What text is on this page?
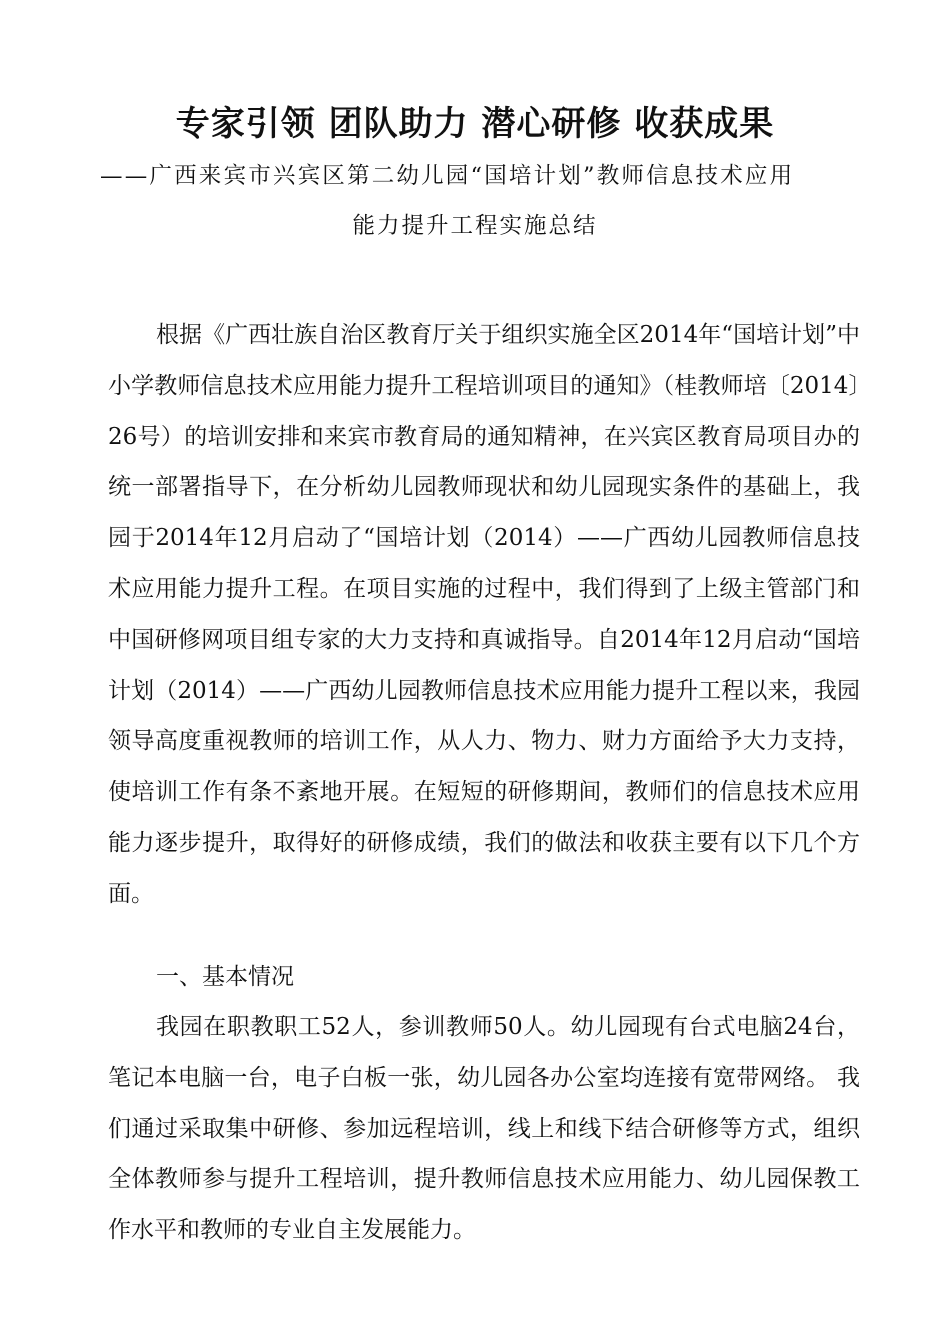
专家引领 团队助力 潜心研修 收获成果
——广西来宾市兴宾区第二幼儿园“国培计划”教师信息技术应用
能力提升工程实施总结

根据《广西壮族自治区教育厅关于组织实施全区2014年“国培计划”中小学教师信息技术应用能力提升工程培训项目的通知》（桂教师培〔2014〕26号）的培训安排和来宾市教育局的通知精神，在兴宾区教育局项目办的统一部署指导下，在分析幼儿园教师现状和幼儿园现实条件的基础上，我园于2014年12月启动了“国培计划（2014）——广西幼儿园教师信息技术应用能力提升工程。在项目实施的过程中，我们得到了上级主管部门和中国研修网项目组专家的大力支持和真诚指导。自2014年12月启动“国培计划（2014）——广西幼儿园教师信息技术应用能力提升工程以来，我园领导高度重视教师的培训工作，从人力、物力、财力方面给予大力支持，使培训工作有条不紊地开展。在短短的研修期间，教师们的信息技术应用能力逐步提升，取得好的研修成绩，我们的做法和收获主要有以下几个方面。

一、基本情况

我园在职教职工52人，参训教师50人。幼儿园现有台式电脑24台，笔记本电脑一台，电子白板一张，幼儿园各办公室均连接有宽带网络。 我们通过采取集中研修、参加远程培训，线上和线下结合研修等方式，组织全体教师参与提升工程培训，提升教师信息技术应用能力、幼儿园保教工作水平和教师的专业自主发展能力。
